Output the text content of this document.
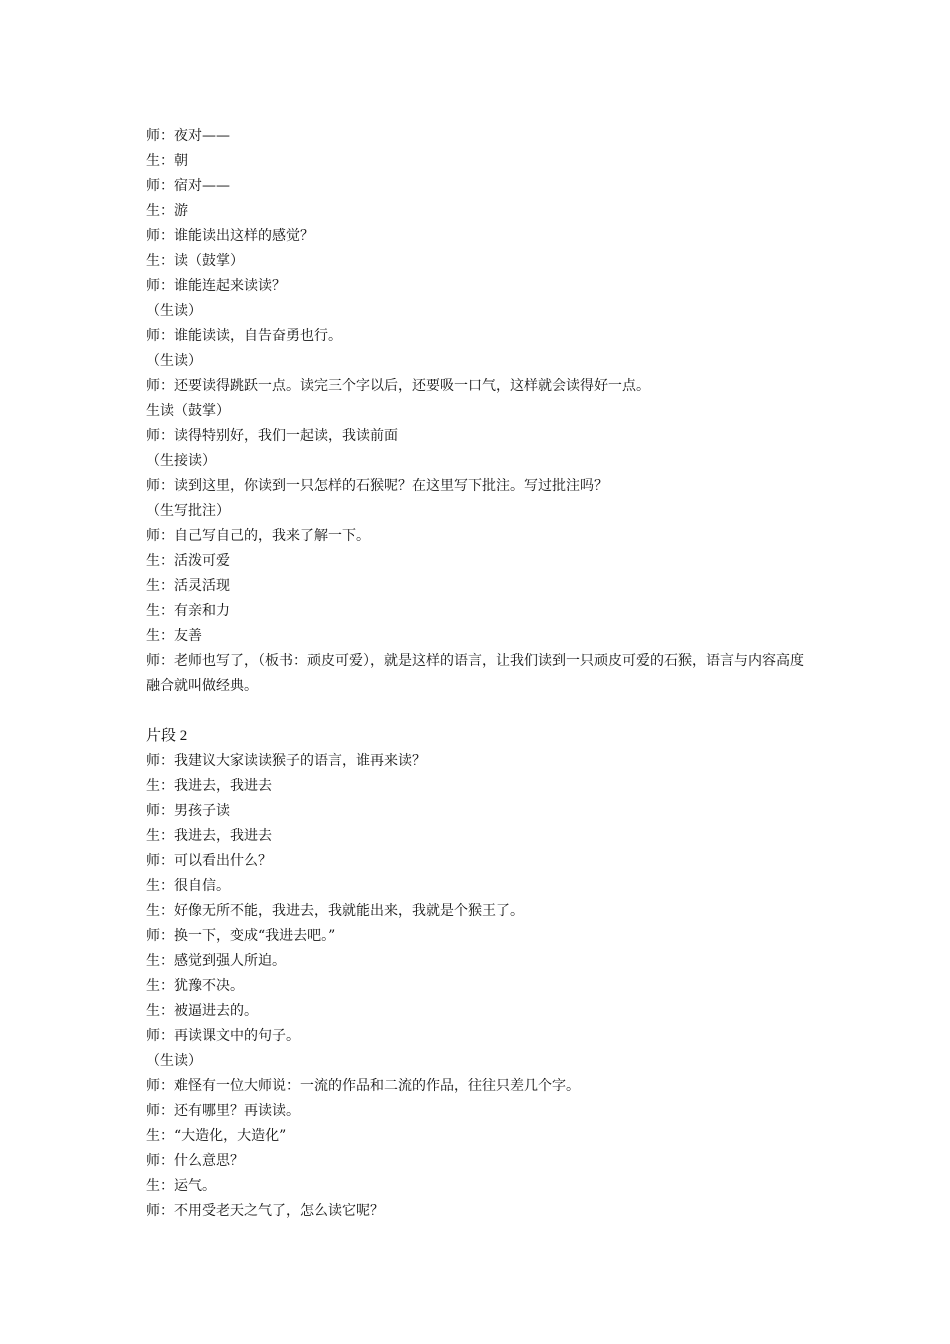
师：夜对——

生：朝

师：宿对——

生：游

师：谁能读出这样的感觉？

生：读（鼓掌）

师：谁能连起来读读？

（生读）

师：谁能读读，自告奋勇也行。

（生读）

师：还要读得跳跃一点。读完三个字以后，还要吸一口气，这样就会读得好一点。

生读（鼓掌）

师：读得特别好，我们一起读，我读前面

（生接读）

师：读到这里，你读到一只怎样的石猴呢？在这里写下批注。写过批注吗？

（生写批注）

师：自己写自己的，我来了解一下。

生：活泼可爱

生：活灵活现

生：有亲和力

生：友善

师：老师也写了，（板书：顽皮可爱），就是这样的语言，让我们读到一只顽皮可爱的石猴，语言与内容高度融合就叫做经典。

片段 2

师：我建议大家读读猴子的语言，谁再来读？

生：我进去，我进去

师：男孩子读

生：我进去，我进去

师：可以看出什么？

生：很自信。

生：好像无所不能，我进去，我就能出来，我就是个猴王了。

师：换一下，变成“我进去吧。”

生：感觉到强人所迫。

生：犹豫不决。

生：被逼进去的。

师：再读课文中的句子。

（生读）

师：难怪有一位大师说：一流的作品和二流的作品，往往只差几个字。

师：还有哪里？再读读。

生：“大造化，大造化”

师：什么意思？

生：运气。

师：不用受老天之气了，怎么读它呢？
